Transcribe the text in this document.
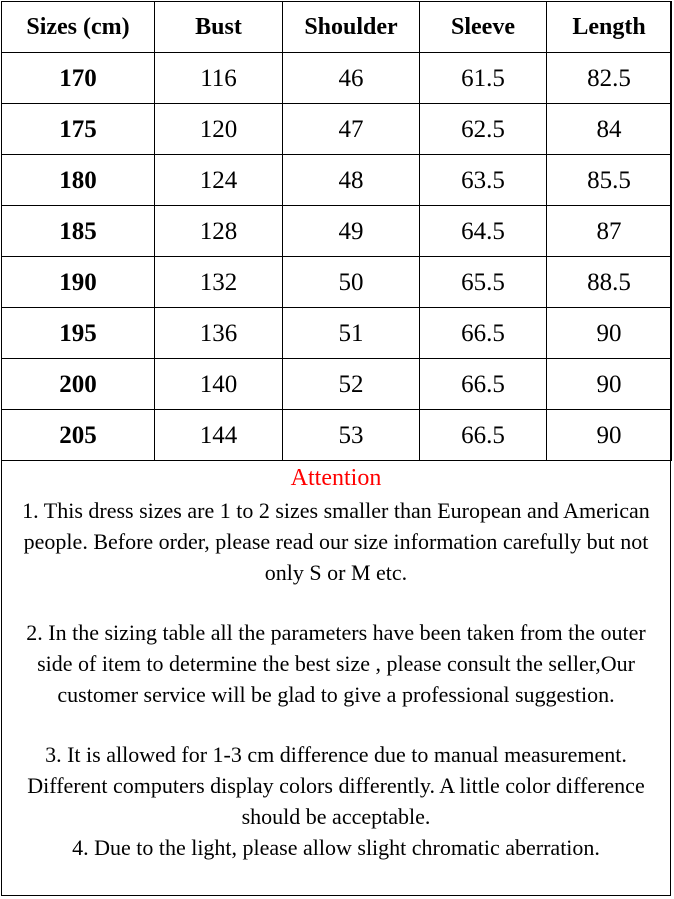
Sizes (cm)	Bust	Shoulder	Sleeve	Length
170	116	46	61.5	82.5
175	120	47	62.5	84
180	124	48	63.5	85.5
185	128	49	64.5	87
190	132	50	65.5	88.5
195	136	51	66.5	90
200	140	52	66.5	90
205	144	53	66.5	90

Attention

1. This dress sizes are 1 to 2 sizes smaller than European and American people. Before order, please read our size information carefully but not only S or M etc.

2. In the sizing table all the parameters have been taken from the outer side of item to determine the best size , please consult the seller,Our customer service will be glad to give a professional suggestion.

3. It is allowed for 1-3 cm difference due to manual measurement. Different computers display colors differently. A little color difference should be acceptable.

4. Due to the light, please allow slight chromatic aberration.
